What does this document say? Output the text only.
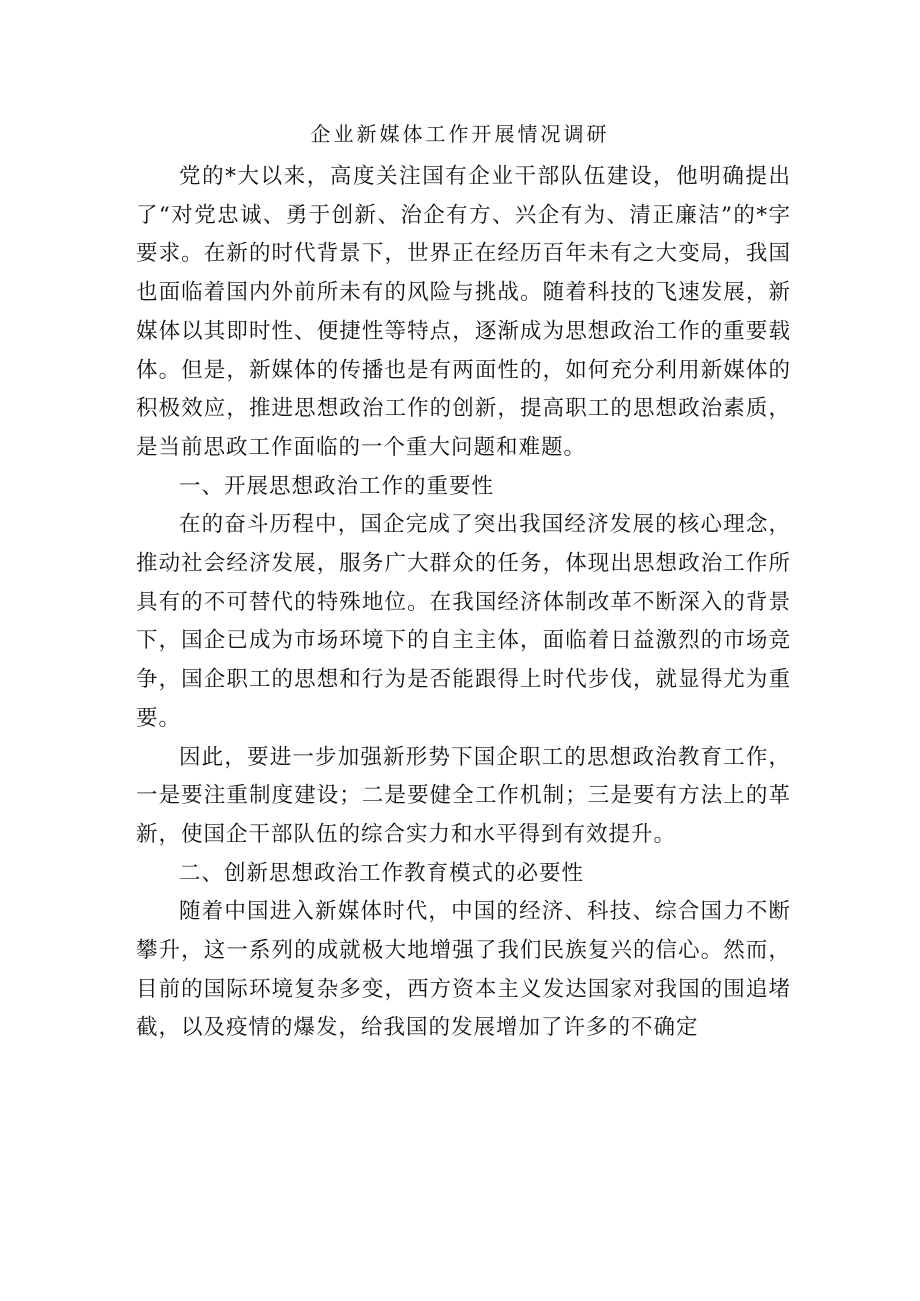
企业新媒体工作开展情况调研

党的*大以来，高度关注国有企业干部队伍建设，他明确提出了“对党忠诚、勇于创新、治企有方、兴企有为、清正廉洁”的*字要求。在新的时代背景下，世界正在经历百年未有之大变局，我国也面临着国内外前所未有的风险与挑战。随着科技的飞速发展，新媒体以其即时性、便捷性等特点，逐渐成为思想政治工作的重要载体。但是，新媒体的传播也是有两面性的，如何充分利用新媒体的积极效应，推进思想政治工作的创新，提高职工的思想政治素质，是当前思政工作面临的一个重大问题和难题。

一、开展思想政治工作的重要性

在的奋斗历程中，国企完成了突出我国经济发展的核心理念，推动社会经济发展，服务广大群众的任务，体现出思想政治工作所具有的不可替代的特殊地位。在我国经济体制改革不断深入的背景下，国企已成为市场环境下的自主主体，面临着日益激烈的市场竞争，国企职工的思想和行为是否能跟得上时代步伐，就显得尤为重要。

因此，要进一步加强新形势下国企职工的思想政治教育工作，一是要注重制度建设；二是要健全工作机制；三是要有方法上的革新，使国企干部队伍的综合实力和水平得到有效提升。

二、创新思想政治工作教育模式的必要性

随着中国进入新媒体时代，中国的经济、科技、综合国力不断攀升，这一系列的成就极大地增强了我们民族复兴的信心。然而，目前的国际环境复杂多变，西方资本主义发达国家对我国的围追堵截，以及疫情的爆发，给我国的发展增加了许多的不确定
